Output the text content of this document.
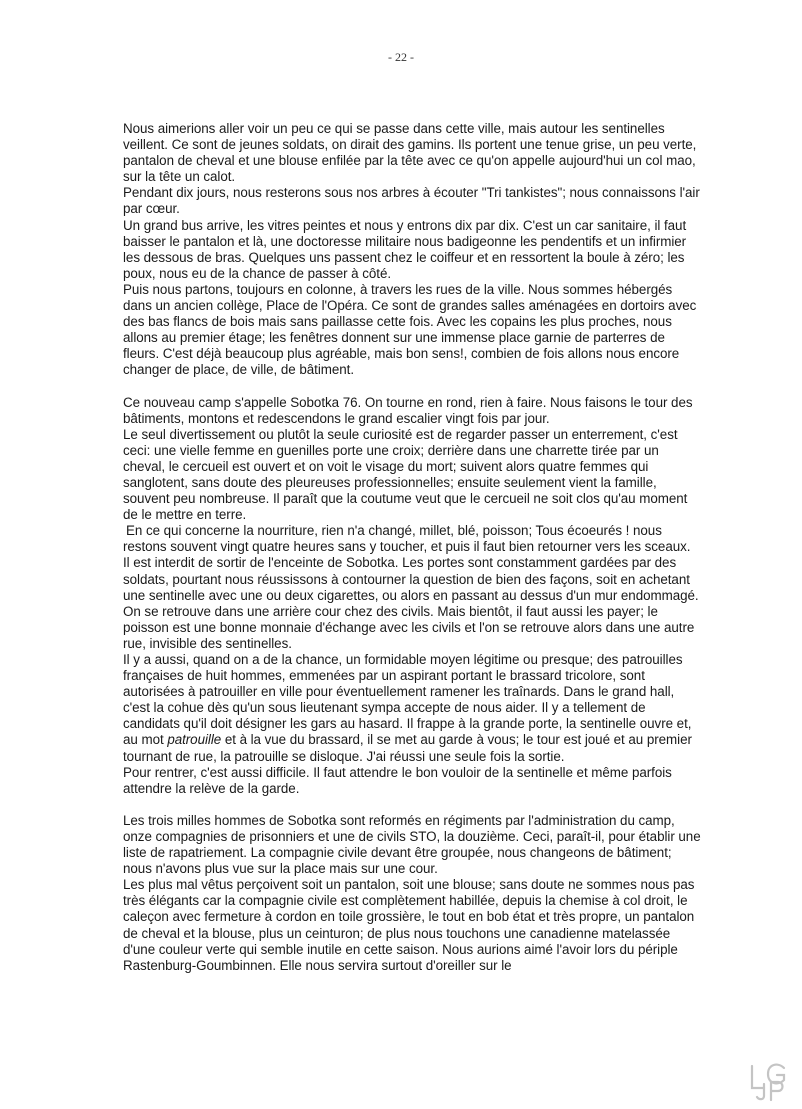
- 22 -

Nous aimerions aller voir un peu ce qui se passe dans cette ville, mais autour les sentinelles veillent. Ce sont de jeunes soldats, on dirait des gamins. Ils portent une tenue grise, un peu verte, pantalon de cheval et une blouse enfilée par la tête avec ce qu'on appelle aujourd'hui un col mao, sur la tête un calot.

Pendant dix jours, nous resterons sous nos arbres à écouter "Tri tankistes"; nous connaissons l'air par cœur.

Un grand bus arrive, les vitres peintes et nous y entrons dix par dix. C'est un car sanitaire, il faut baisser le pantalon et là, une doctoresse militaire nous badigeonne les pendentifs et un infirmier les dessous de bras. Quelques uns passent chez le coiffeur et en ressortent la boule à zéro; les poux, nous eu de la chance de passer à côté.

Puis nous partons, toujours en colonne, à travers les rues de la ville. Nous sommes hébergés dans un ancien collège, Place de l'Opéra. Ce sont de grandes salles aménagées en dortoirs avec des bas flancs de bois mais sans paillasse cette fois. Avec les copains les plus proches, nous allons au premier étage; les fenêtres donnent sur une immense place garnie de parterres de fleurs. C'est déjà beaucoup plus agréable, mais bon sens!, combien de fois allons nous encore changer de place, de ville, de bâtiment.

Ce nouveau camp s'appelle Sobotka 76. On tourne en rond, rien à faire. Nous faisons le tour des bâtiments, montons et redescendons le grand escalier vingt fois par jour.

Le seul divertissement ou plutôt la seule curiosité est de regarder passer un enterrement, c'est ceci: une vielle femme en guenilles porte une croix; derrière dans une charrette tirée par un cheval, le cercueil est ouvert et on voit le visage du mort; suivent alors quatre femmes qui sanglotent, sans doute des pleureuses professionnelles; ensuite seulement vient la famille, souvent peu nombreuse. Il paraît que la coutume veut que le cercueil ne soit clos qu'au moment de le mettre en terre.

En ce qui concerne la nourriture, rien n'a changé, millet, blé, poisson; Tous écoeurés ! nous restons souvent vingt quatre heures sans y toucher, et puis il faut bien retourner vers les sceaux.

Il est interdit de sortir de l'enceinte de Sobotka. Les portes sont constamment gardées par des soldats, pourtant nous réussissons à contourner la question de bien des façons, soit en achetant une sentinelle avec une ou deux cigarettes, ou alors en passant au dessus d'un mur endommagé. On se retrouve dans une arrière cour chez des civils. Mais bientôt, il faut aussi les payer; le poisson est une bonne monnaie d'échange avec les civils et l'on se retrouve alors dans une autre rue, invisible des sentinelles.

Il y a aussi, quand on a de la chance, un formidable moyen légitime ou presque; des patrouilles françaises de huit hommes, emmenées par un aspirant portant le brassard tricolore, sont autorisées à patrouiller en ville pour éventuellement ramener les traînards. Dans le grand hall, c'est la cohue dès qu'un sous lieutenant sympa accepte de nous aider. Il y a tellement de candidats qu'il doit désigner les gars au hasard. Il frappe à la grande porte, la sentinelle ouvre et, au mot patrouille et à la vue du brassard, il se met au garde à vous; le tour est joué et au premier tournant de rue, la patrouille se disloque. J'ai réussi une seule fois la sortie.

Pour rentrer, c'est aussi difficile. Il faut attendre le bon vouloir de la sentinelle et même parfois attendre la relève de la garde.

Les trois milles hommes de Sobotka sont reformés en régiments par l'administration du camp, onze compagnies de prisonniers et une de civils STO, la douzième. Ceci, paraît-il, pour établir une liste de rapatriement. La compagnie civile devant être groupée, nous changeons de bâtiment; nous n'avons plus vue sur la place mais sur une cour.

Les plus mal vêtus perçoivent soit un pantalon, soit une blouse; sans doute ne sommes nous pas très élégants car la compagnie civile est complètement habillée, depuis la chemise à col droit, le caleçon avec fermeture à cordon en toile grossière, le tout en bob état et très propre, un pantalon de cheval et la blouse, plus un ceinturon; de plus nous touchons une canadienne matelassée d'une couleur verte qui semble inutile en cette saison. Nous aurions aimé l'avoir lors du périple Rastenburg-Goumbinnen. Elle nous servira surtout d'oreiller sur le
